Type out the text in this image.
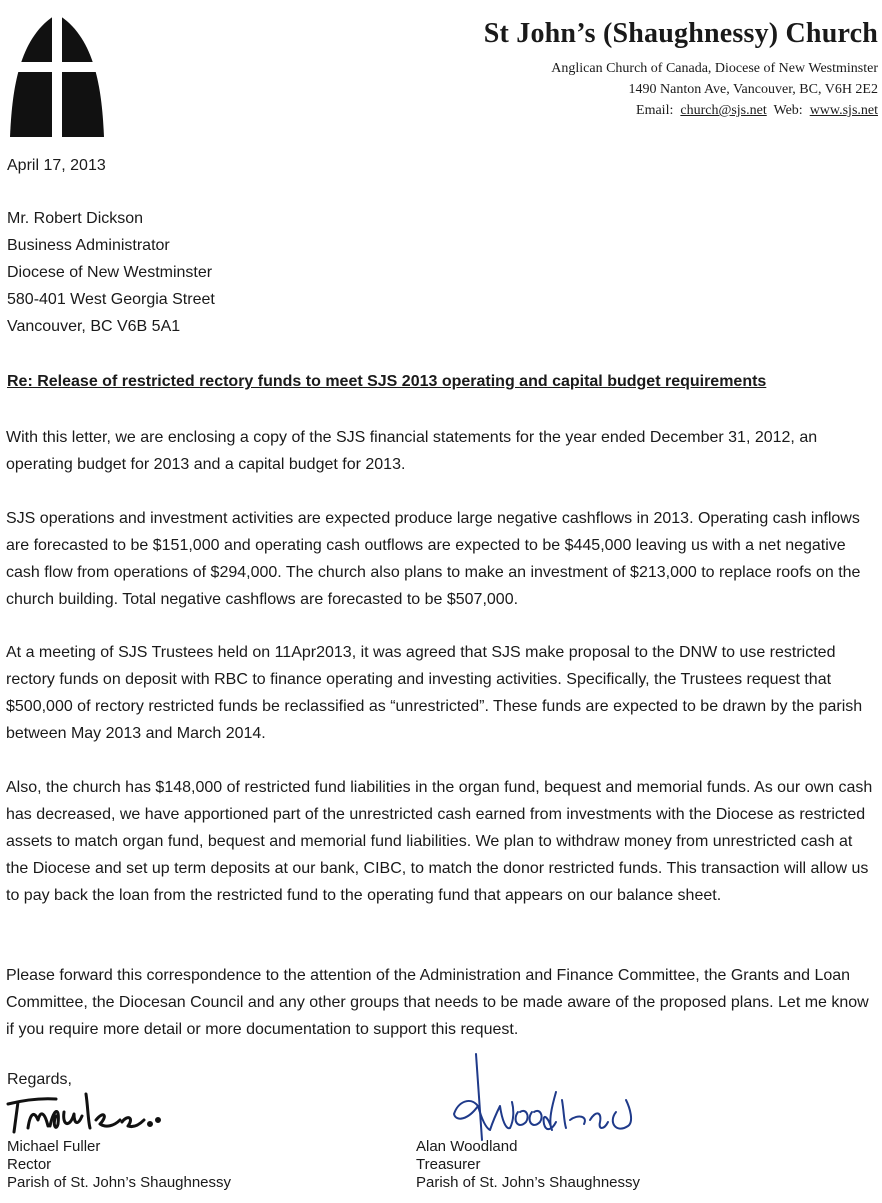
St John’s (Shaughnessy) Church
Anglican Church of Canada, Diocese of New Westminster
1490 Nanton Ave, Vancouver, BC, V6H 2E2
Email: church@sjs.net Web: www.sjs.net
April 17, 2013
Mr. Robert Dickson
Business Administrator
Diocese of New Westminster
580-401 West Georgia Street
Vancouver, BC V6B 5A1
Re: Release of restricted rectory funds to meet SJS 2013 operating and capital budget requirements

With this letter, we are enclosing a copy of the SJS financial statements for the year ended December 31, 2012, an operating budget for 2013 and a capital budget for 2013.

SJS operations and investment activities are expected produce large negative cashflows in 2013. Operating cash inflows are forecasted to be $151,000 and operating cash outflows are expected to be $445,000 leaving us with a net negative cash flow from operations of $294,000. The church also plans to make an investment of $213,000 to replace roofs on the church building. Total negative cashflows are forecasted to be $507,000.

At a meeting of SJS Trustees held on 11Apr2013, it was agreed that SJS make proposal to the DNW to use restricted rectory funds on deposit with RBC to finance operating and investing activities. Specifically, the Trustees request that $500,000 of rectory restricted funds be reclassified as “unrestricted”. These funds are expected to be drawn by the parish between May 2013 and March 2014.

Also, the church has $148,000 of restricted fund liabilities in the organ fund, bequest and memorial funds. As our own cash has decreased, we have apportioned part of the unrestricted cash earned from investments with the Diocese as restricted assets to match organ fund, bequest and memorial fund liabilities. We plan to withdraw money from unrestricted cash at the Diocese and set up term deposits at our bank, CIBC, to match the donor restricted funds. This transaction will allow us to pay back the loan from the restricted fund to the operating fund that appears on our balance sheet.

Please forward this correspondence to the attention of the Administration and Finance Committee, the Grants and Loan Committee, the Diocesan Council and any other groups that needs to be made aware of the proposed plans. Let me know if you require more detail or more documentation to support this request.

Regards,
Michael Fuller
Rector
Parish of St. John’s Shaughnessy
Alan Woodland
Treasurer
Parish of St. John’s Shaughnessy
